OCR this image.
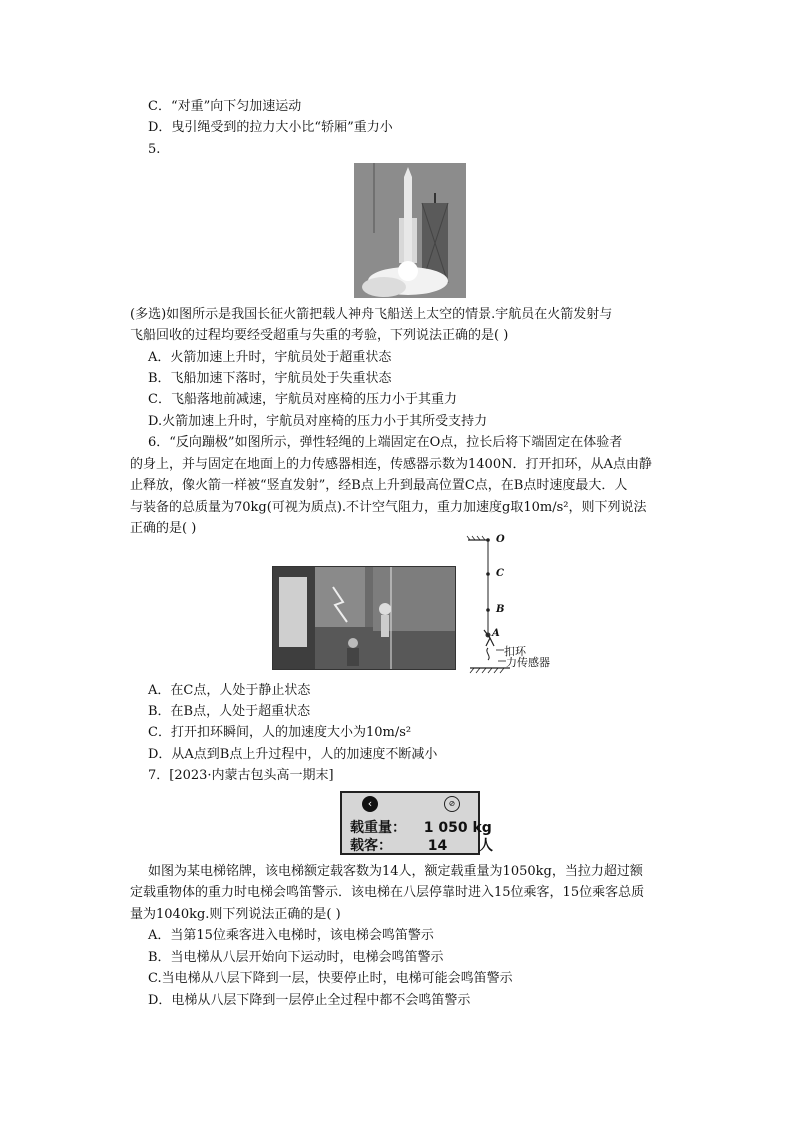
C．“对重”向下匀加速运动
D．曳引绳受到的拉力大小比“轿厢”重力小
5.
(多选)如图所示是我国长征火箭把载人神舟飞船送上太空的情景.宇航员在火箭发射与
飞船回收的过程均要经受超重与失重的考验，下列说法正确的是( )
A．火箭加速上升时，宇航员处于超重状态
B．飞船加速下落时，宇航员处于失重状态
C．飞船落地前减速，宇航员对座椅的压力小于其重力
D.火箭加速上升时，宇航员对座椅的压力小于其所受支持力
6．“反向蹦极”如图所示，弹性轻绳的上端固定在O点，拉长后将下端固定在体验者
的身上，并与固定在地面上的力传感器相连，传感器示数为1400N．打开扣环，从A点由静
止释放，像火箭一样被“竖直发射”，经B点上升到最高位置C点，在B点时速度最大．人
与装备的总质量为70kg(可视为质点).不计空气阻力，重力加速度g取10m/s²，则下列说法
正确的是( )
O
C
B
A
扣环
力传感器
A．在C点，人处于静止状态
B．在B点，人处于超重状态
C．打开扣环瞬间，人的加速度大小为10m/s²
D．从A点到B点上升过程中，人的加速度不断减小
7．[2023·内蒙古包头高一期末]
‹	⊘
载重量： 1 050 kg
载客：	14 人
如图为某电梯铭牌，该电梯额定载客数为14人，额定载重量为1050kg，当拉力超过额
定载重物体的重力时电梯会鸣笛警示．该电梯在八层停靠时进入15位乘客，15位乘客总质
量为1040kg.则下列说法正确的是( )
A．当第15位乘客进入电梯时，该电梯会鸣笛警示
B．当电梯从八层开始向下运动时，电梯会鸣笛警示
C.当电梯从八层下降到一层，快要停止时，电梯可能会鸣笛警示
D．电梯从八层下降到一层停止全过程中都不会鸣笛警示
